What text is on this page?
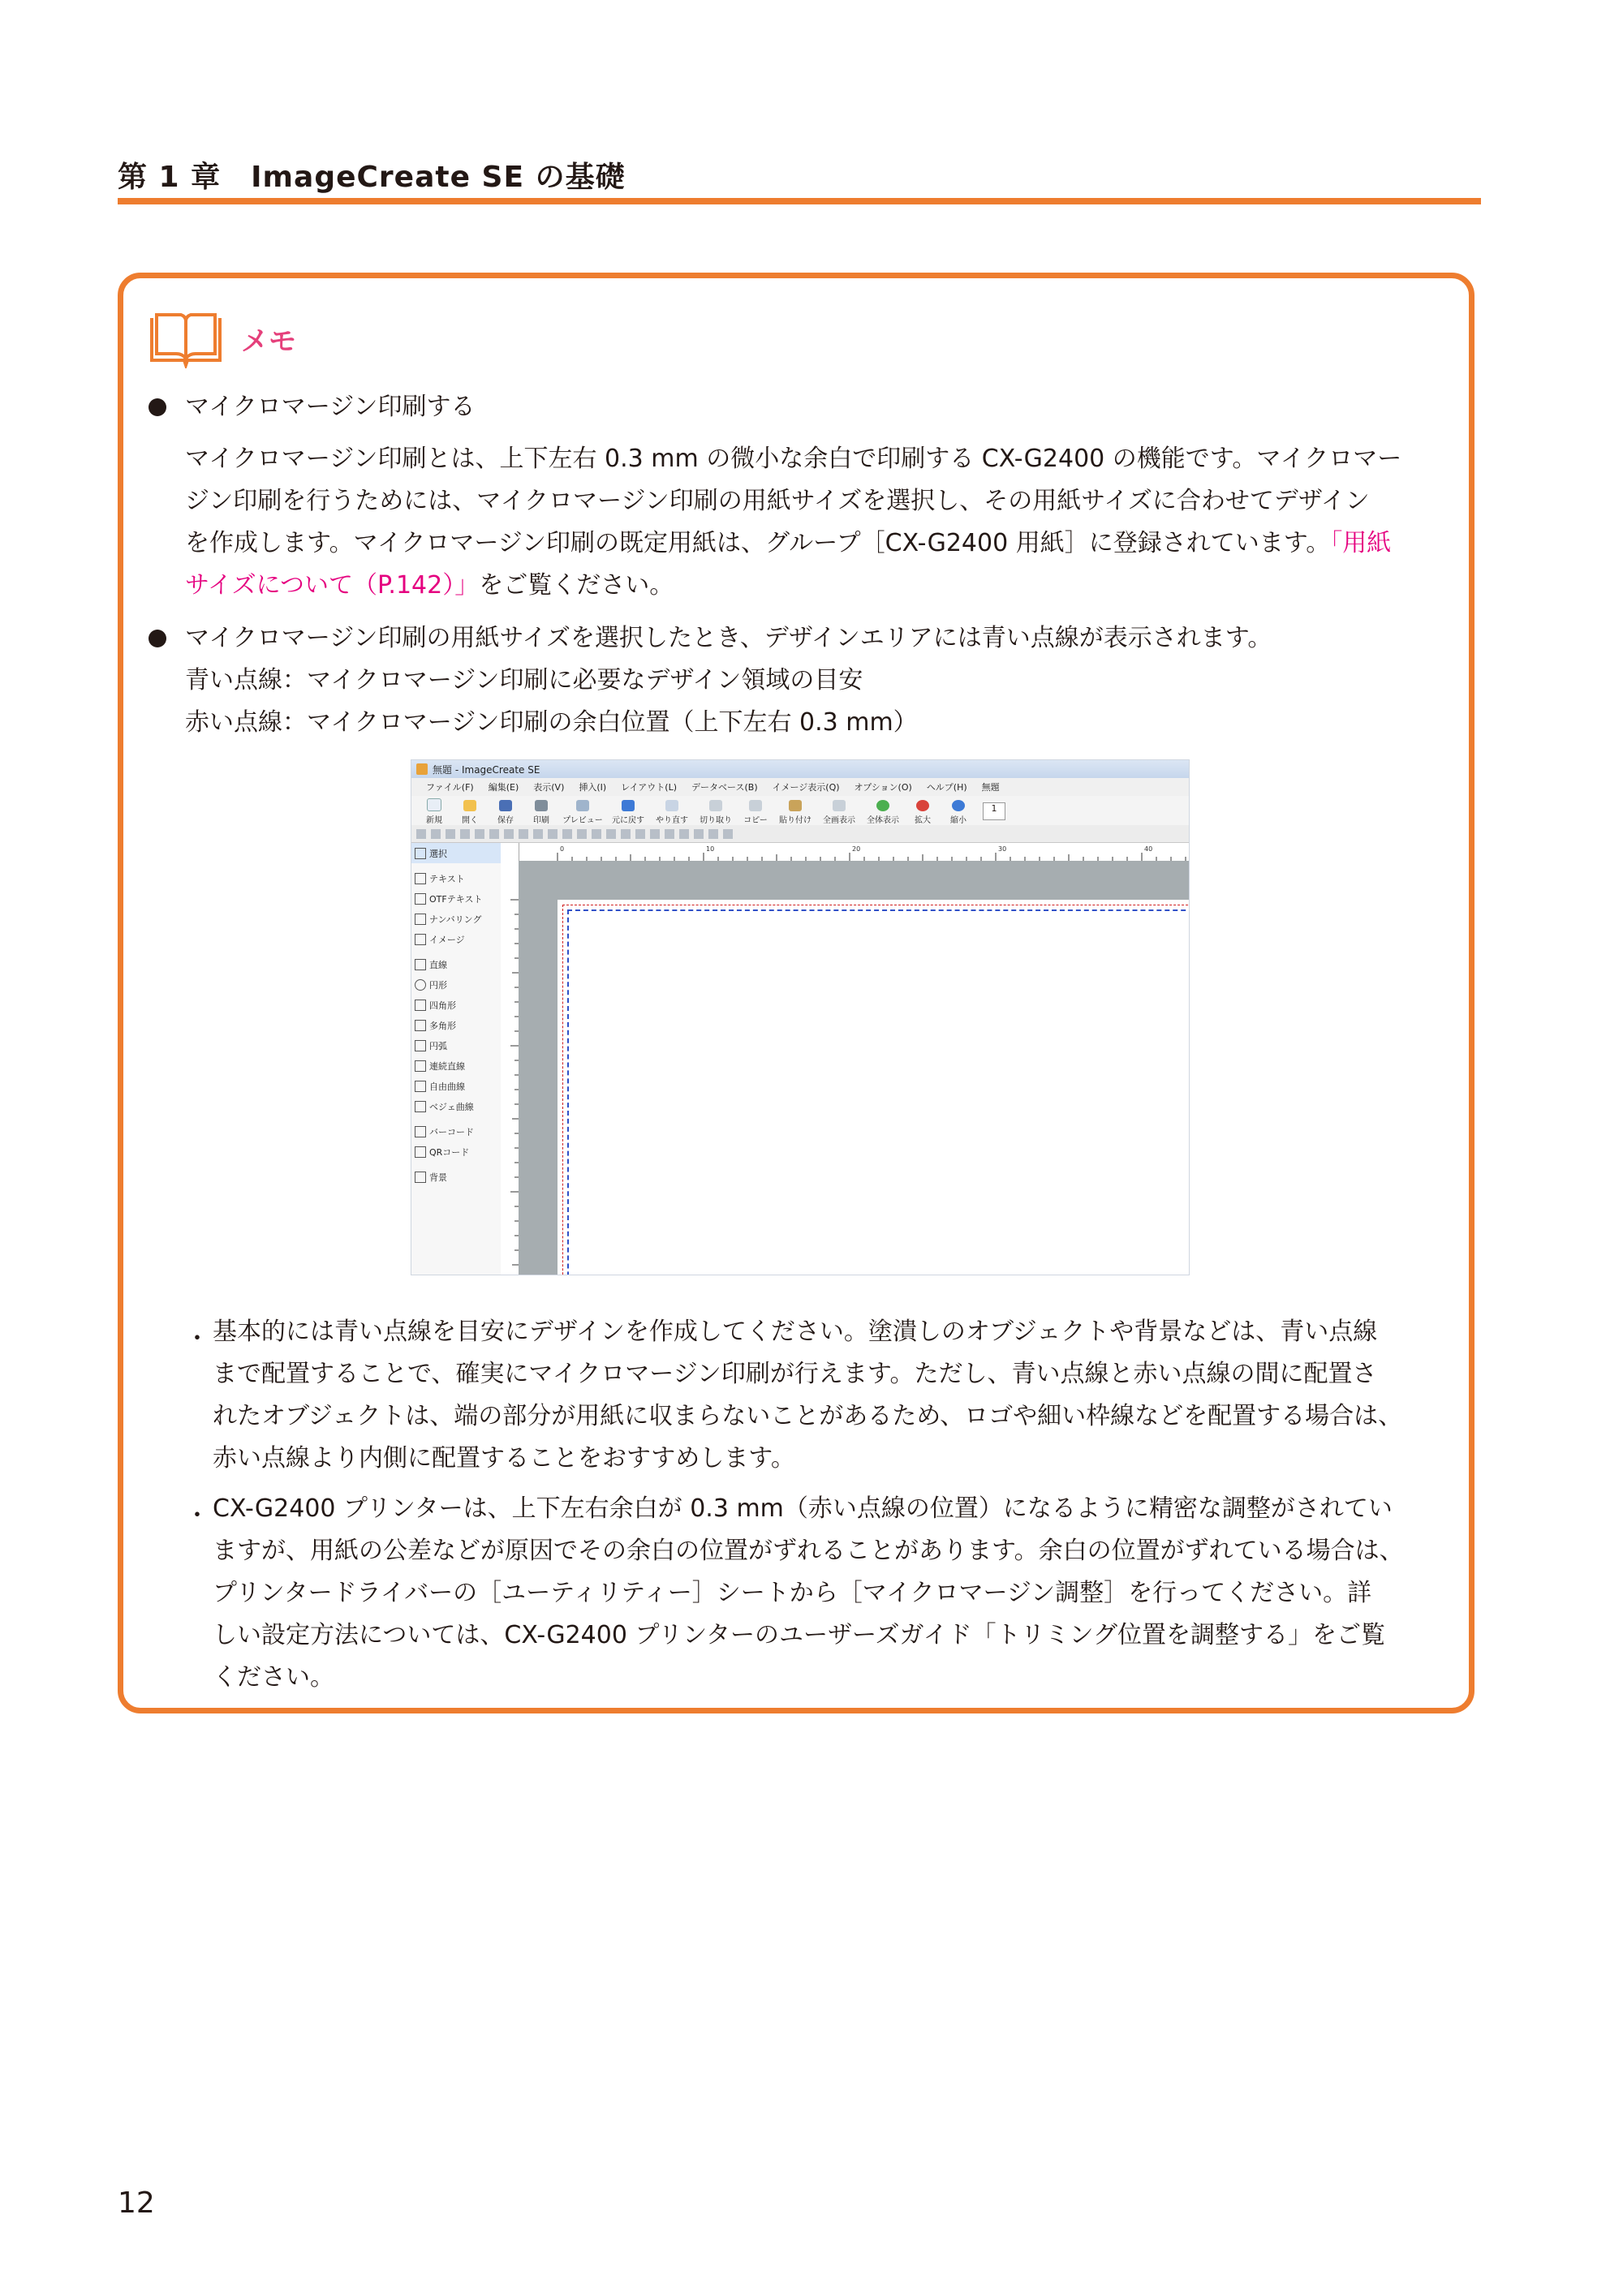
第 1 章　ImageCreate SE の基礎
メモ
マイクロマージン印刷する
マイクロマージン印刷とは、上下左右 0.3 mm の微小な余白で印刷する CX-G2400 の機能です。マイクロマー
ジン印刷を行うためには、マイクロマージン印刷の用紙サイズを選択し、その用紙サイズに合わせてデザイン
を作成します。マイクロマージン印刷の既定用紙は、グループ［CX-G2400 用紙］に登録されています。「用紙
サイズについて（P.142）」をご覧ください。
マイクロマージン印刷の用紙サイズを選択したとき、デザインエリアには青い点線が表示されます。
青い点線：マイクロマージン印刷に必要なデザイン領域の目安
赤い点線：マイクロマージン印刷の余白位置（上下左右 0.3 mm）
無題 - ImageCreate SE
ファイル(F) 編集(E) 表示(V) 挿入(I) レイアウト(L) データベース(B) イメージ表示(Q) オプション(O) ヘルプ(H) 無題
新規 開く 保存 印刷 プレビュー 元に戻す やり直す 切り取り コピー 貼り付け 全画表示 全体表示 拡大 縮小
1
選択
テキスト
OTFテキスト
ナンバリング
イメージ
直線
円形
四角形
多角形
円弧
連続直線
自由曲線
ベジェ曲線
バーコード
QRコード
背景
0	10	20	30	40
・ 基本的には青い点線を目安にデザインを作成してください。塗潰しのオブジェクトや背景などは、青い点線
まで配置することで、確実にマイクロマージン印刷が行えます。ただし、青い点線と赤い点線の間に配置さ
れたオブジェクトは、端の部分が用紙に収まらないことがあるため、ロゴや細い枠線などを配置する場合は、
赤い点線より内側に配置することをおすすめします。
・ CX-G2400 プリンターは、上下左右余白が 0.3 mm（赤い点線の位置）になるように精密な調整がされてい
ますが、用紙の公差などが原因でその余白の位置がずれることがあります。余白の位置がずれている場合は、
プリンタードライバーの［ユーティリティー］シートから［マイクロマージン調整］を行ってください。詳
しい設定方法については、CX-G2400 プリンターのユーザーズガイド「トリミング位置を調整する」をご覧
ください。
12
